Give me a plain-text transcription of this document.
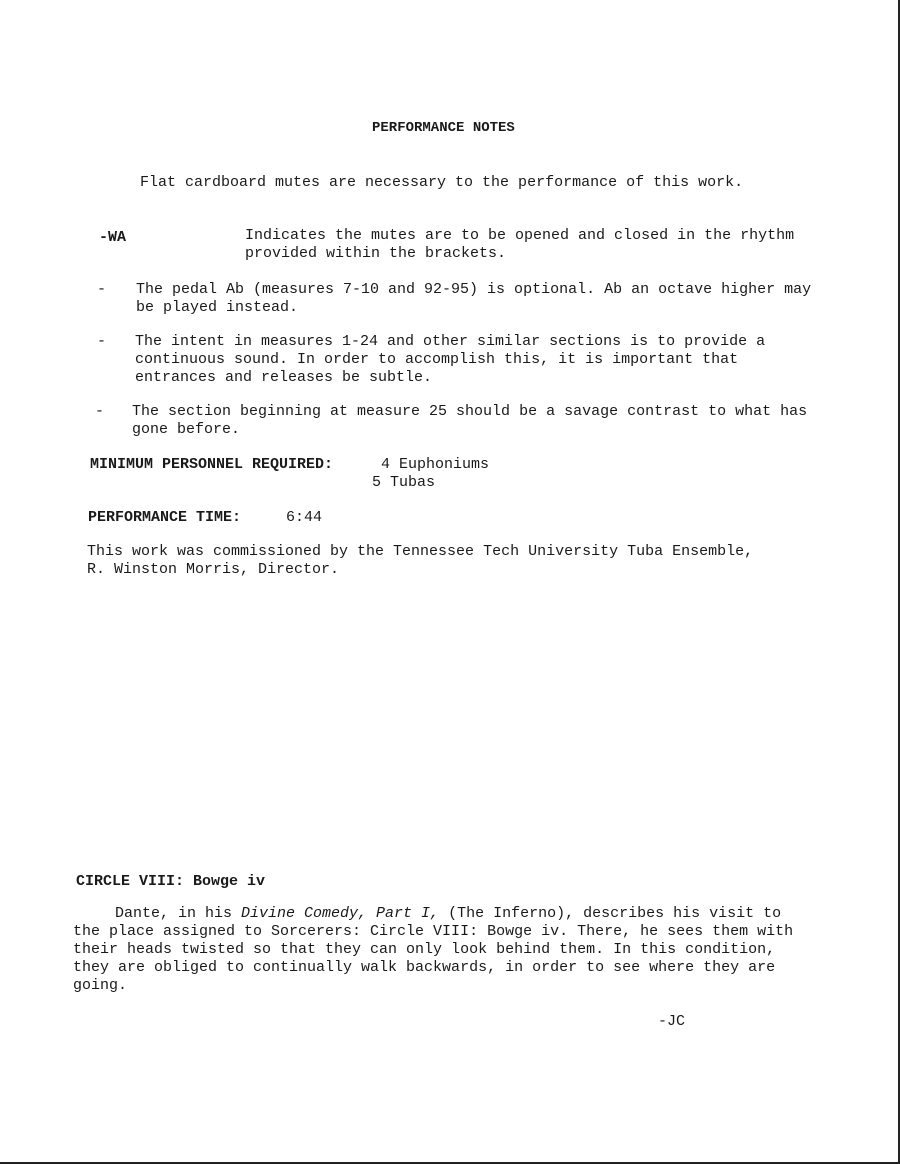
PERFORMANCE NOTES
Flat cardboard mutes are necessary to the performance of this work.
-WA	Indicates the mutes are to be opened and closed in the rhythm provided within the brackets.
- The pedal Ab (measures 7-10 and 92-95) is optional. Ab an octave higher may be played instead.
- The intent in measures 1-24 and other similar sections is to provide a continuous sound. In order to accomplish this, it is important that entrances and releases be subtle.
- The section beginning at measure 25 should be a savage contrast to what has gone before.
MINIMUM PERSONNEL REQUIRED:	4 Euphoniums
5 Tubas
PERFORMANCE TIME:	6:44
This work was commissioned by the Tennessee Tech University Tuba Ensemble, R. Winston Morris, Director.
CIRCLE VIII: Bowge iv
Dante, in his Divine Comedy, Part I, (The Inferno), describes his visit to the place assigned to Sorcerers: Circle VIII: Bowge iv. There, he sees them with their heads twisted so that they can only look behind them. In this condition, they are obliged to continually walk backwards, in order to see where they are going.
-JC
